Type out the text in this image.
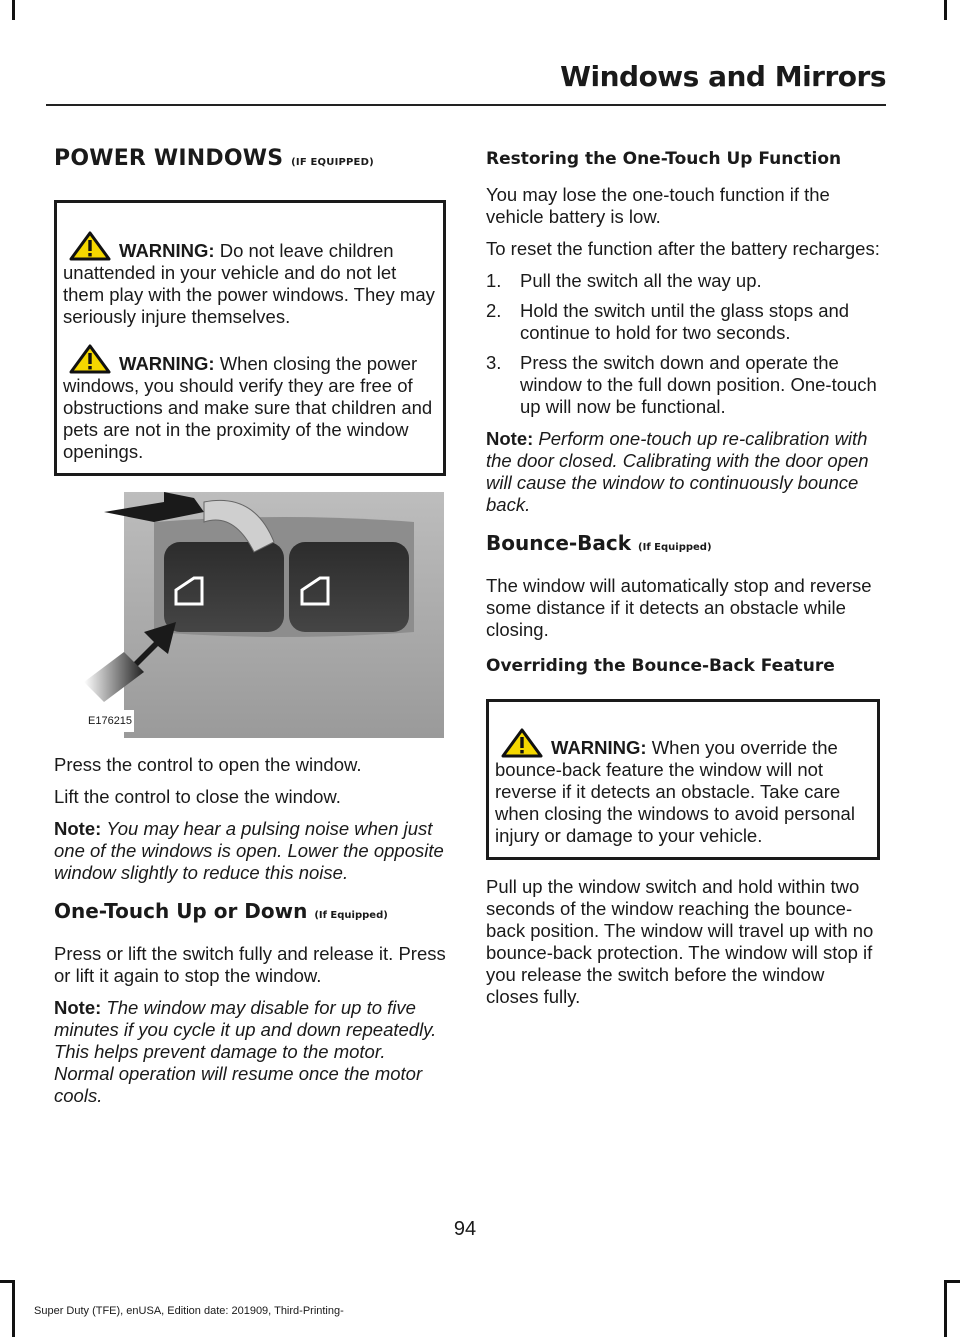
Windows and Mirrors
POWER WINDOWS (IF EQUIPPED)

WARNING: Do not leave children unattended in your vehicle and do not let them play with the power windows. They may seriously injure themselves.

WARNING: When closing the power windows, you should verify they are free of obstructions and make sure that children and pets are not in the proximity of the window openings.

E176215

Press the control to open the window.

Lift the control to close the window.

Note: You may hear a pulsing noise when just one of the windows is open. Lower the opposite window slightly to reduce this noise.

One-Touch Up or Down (If Equipped)

Press or lift the switch fully and release it. Press or lift it again to stop the window.

Note: The window may disable for up to five minutes if you cycle it up and down repeatedly. This helps prevent damage to the motor. Normal operation will resume once the motor cools.

Restoring the One-Touch Up Function

You may lose the one-touch function if the vehicle battery is low.

To reset the function after the battery recharges:

1. Pull the switch all the way up.
2. Hold the switch until the glass stops and continue to hold for two seconds.
3. Press the switch down and operate the window to the full down position. One-touch up will now be functional.

Note: Perform one-touch up re-calibration with the door closed. Calibrating with the door open will cause the window to continuously bounce back.

Bounce-Back (If Equipped)

The window will automatically stop and reverse some distance if it detects an obstacle while closing.

Overriding the Bounce-Back Feature

WARNING: When you override the bounce-back feature the window will not reverse if it detects an obstacle. Take care when closing the windows to avoid personal injury or damage to your vehicle.

Pull up the window switch and hold within two seconds of the window reaching the bounce-back position. The window will travel up with no bounce-back protection. The window will stop if you release the switch before the window closes fully.

94
Super Duty (TFE), enUSA, Edition date: 201909, Third-Printing-
